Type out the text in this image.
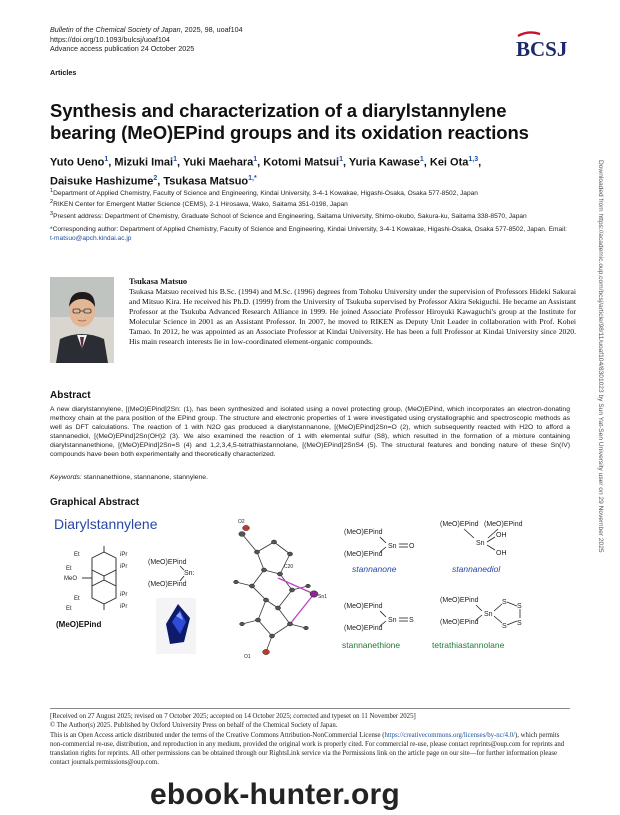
Bulletin of the Chemical Society of Japan, 2025, 98, uoaf104
https://doi.org/10.1093/bulcsj/uoaf104
Advance access publication 24 October 2025
Articles
BCSJ
Synthesis and characterization of a diarylstannylene bearing (MeO)EPind groups and its oxidation reactions
Yuto Ueno$^1$, Mizuki Imai$^1$, Yuki Maehara$^1$, Kotomi Matsui$^1$, Yuria Kawase$^1$, Kei Ota$^{1,3}$,
Daisuke Hashizume$^2$, Tsukasa Matsuo$^{1,*}$
$^1$Department of Applied Chemistry, Faculty of Science and Engineering, Kindai University, 3-4-1 Kowakae, Higashi-Osaka, Osaka 577-8502, Japan
$^2$RIKEN Center for Emergent Matter Science (CEMS), 2-1 Hirosawa, Wako, Saitama 351-0198, Japan
$^3$Present address: Department of Chemistry, Graduate School of Science and Engineering, Saitama University, Shimo-okubo, Sakura-ku, Saitama 338-8570, Japan
*Corresponding author: Department of Applied Chemistry, Faculty of Science and Engineering, Kindai University, 3-4-1 Kowakae, Higashi-Osaka, Osaka 577-8502, Japan. Email: t-matsuo@apch.kindai.ac.jp
Tsukasa Matsuo
Tsukasa Matsuo received his B.Sc. (1994) and M.Sc. (1996) degrees from Tohoku University under the supervision of Professors Hideki Sakurai and Mitsuo Kira. He received his Ph.D. (1999) from the University of Tsukuba supervised by Professor Akira Sekiguchi. He became an Assistant Professor at the Tsukuba Advanced Research Alliance in 1999. He joined Associate Professor Hiroyuki Kawaguchi's group at the Institute for Molecular Science in 2001 as an Assistant Professor. In 2007, he moved to RIKEN as Deputy Unit Leader in collaboration with Prof. Kohei Tamao. In 2012, he was appointed as an Associate Professor at Kindai University. He has been a full Professor at Kindai University since 2020. His main research interests lie in low-coordinated element-organic compounds.
Abstract
A new diarylstannylene, [(MeO)EPind]2Sn: (1), has been synthesized and isolated using a novel protecting group, (MeO)EPind, which incorporates an electron-donating methoxy chain at the para position of the EPind group. The structure and electronic properties of 1 were investigated using crystallographic and spectroscopic methods as well as DFT calculations. The reaction of 1 with N2O gas produced a diarylstannanone, [(MeO)EPind]2Sn=O (2), which subsequently reacted with H2O to afford a stannanediol, [(MeO)EPind]2Sn(OH)2 (3). We also examined the reaction of 1 with elemental sulfur (S8), which resulted in the formation of a mixture containing diarylstannanethione, [(MeO)EPind]2Sn=S (4) and 1,2,3,4,5-tetrathiastannolane, [(MeO)EPind]2SnS4 (5). The structural features and bonding nature of these Sn(IV) compounds have been both experimentally and theoretically characterized.
Keywords: stannanethione, stannanone, stannylene.
Graphical Abstract
Diarylstannylene
Et
Et
iPr
iPr
MeO
Et
Et
iPr
iPr
(MeO)EPind
(MeO)EPind
Sn:
(MeO)EPind
O2
C20
Sn1
O1
(MeO)EPind
(MeO)EPind
Sn O
stannanone
(MeO)EPind (MeO)EPind
Sn
OH
OH
stannanediol
(MeO)EPind
(MeO)EPind
Sn S
stannanethione
(MeO)EPind
(MeO)EPind
Sn
S
S
S
S
tetrathiastannolane
[Received on 27 August 2025; revised on 7 October 2025; accepted on 14 October 2025; corrected and typeset on 11 November 2025]
© The Author(s) 2025. Published by Oxford University Press on behalf of the Chemical Society of Japan.
This is an Open Access article distributed under the terms of the Creative Commons Attribution-NonCommercial License (https://creativecommons.org/licenses/by-nc/4.0/), which permits non-commercial re-use, distribution, and reproduction in any medium, provided the original work is properly cited. For commercial re-use, please contact reprints@oup.com for reprints and translation rights for reprints. All other permissions can be obtained through our RightsLink service via the Permissions link on the article page on our site—for further information please contact journals.permissions@oup.com.
Downloaded from https://academic.oup.com/bcsj/article/98/11/uoaf104/8301023 by Sun Yat-Sen University user on 29 November 2025
ebook-hunter.org
